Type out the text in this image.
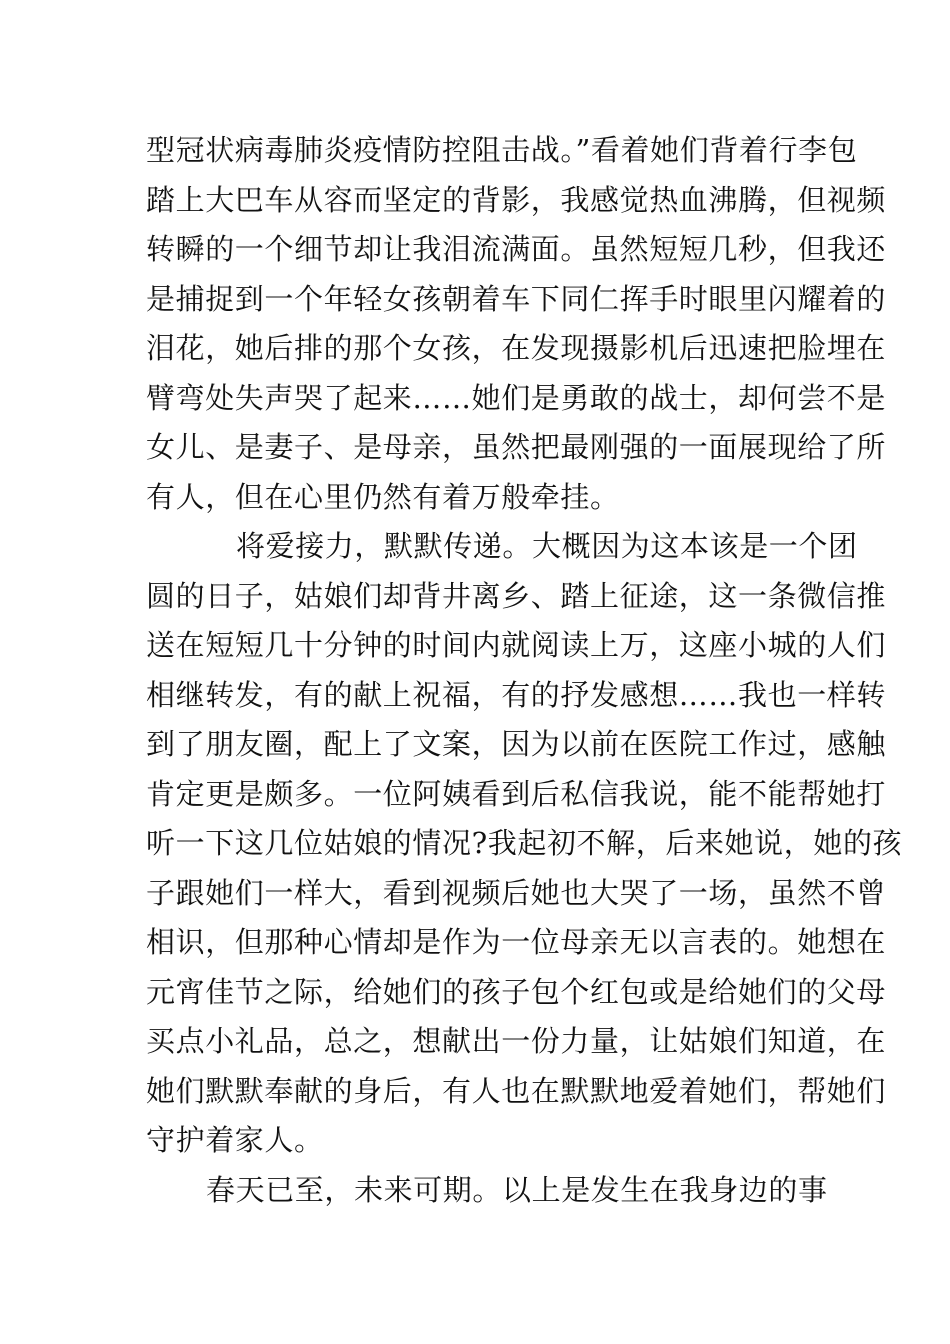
型冠状病毒肺炎疫情防控阻击战。”看着她们背着行李包
踏上大巴车从容而坚定的背影，我感觉热血沸腾，但视频
转瞬的一个细节却让我泪流满面。虽然短短几秒，但我还
是捕捉到一个年轻女孩朝着车下同仁挥手时眼里闪耀着的
泪花，她后排的那个女孩，在发现摄影机后迅速把脸埋在
臂弯处失声哭了起来……她们是勇敢的战士，却何尝不是
女儿、是妻子、是母亲，虽然把最刚强的一面展现给了所
有人，但在心里仍然有着万般牵挂。
将爱接力，默默传递。大概因为这本该是一个团
圆的日子，姑娘们却背井离乡、踏上征途，这一条微信推
送在短短几十分钟的时间内就阅读上万，这座小城的人们
相继转发，有的献上祝福，有的抒发感想……我也一样转
到了朋友圈，配上了文案，因为以前在医院工作过，感触
肯定更是颇多。一位阿姨看到后私信我说，能不能帮她打
听一下这几位姑娘的情况?我起初不解，后来她说，她的孩
子跟她们一样大，看到视频后她也大哭了一场，虽然不曾
相识，但那种心情却是作为一位母亲无以言表的。她想在
元宵佳节之际，给她们的孩子包个红包或是给她们的父母
买点小礼品，总之，想献出一份力量，让姑娘们知道，在
她们默默奉献的身后，有人也在默默地爱着她们，帮她们
守护着家人。
春天已至，未来可期。以上是发生在我身边的事
